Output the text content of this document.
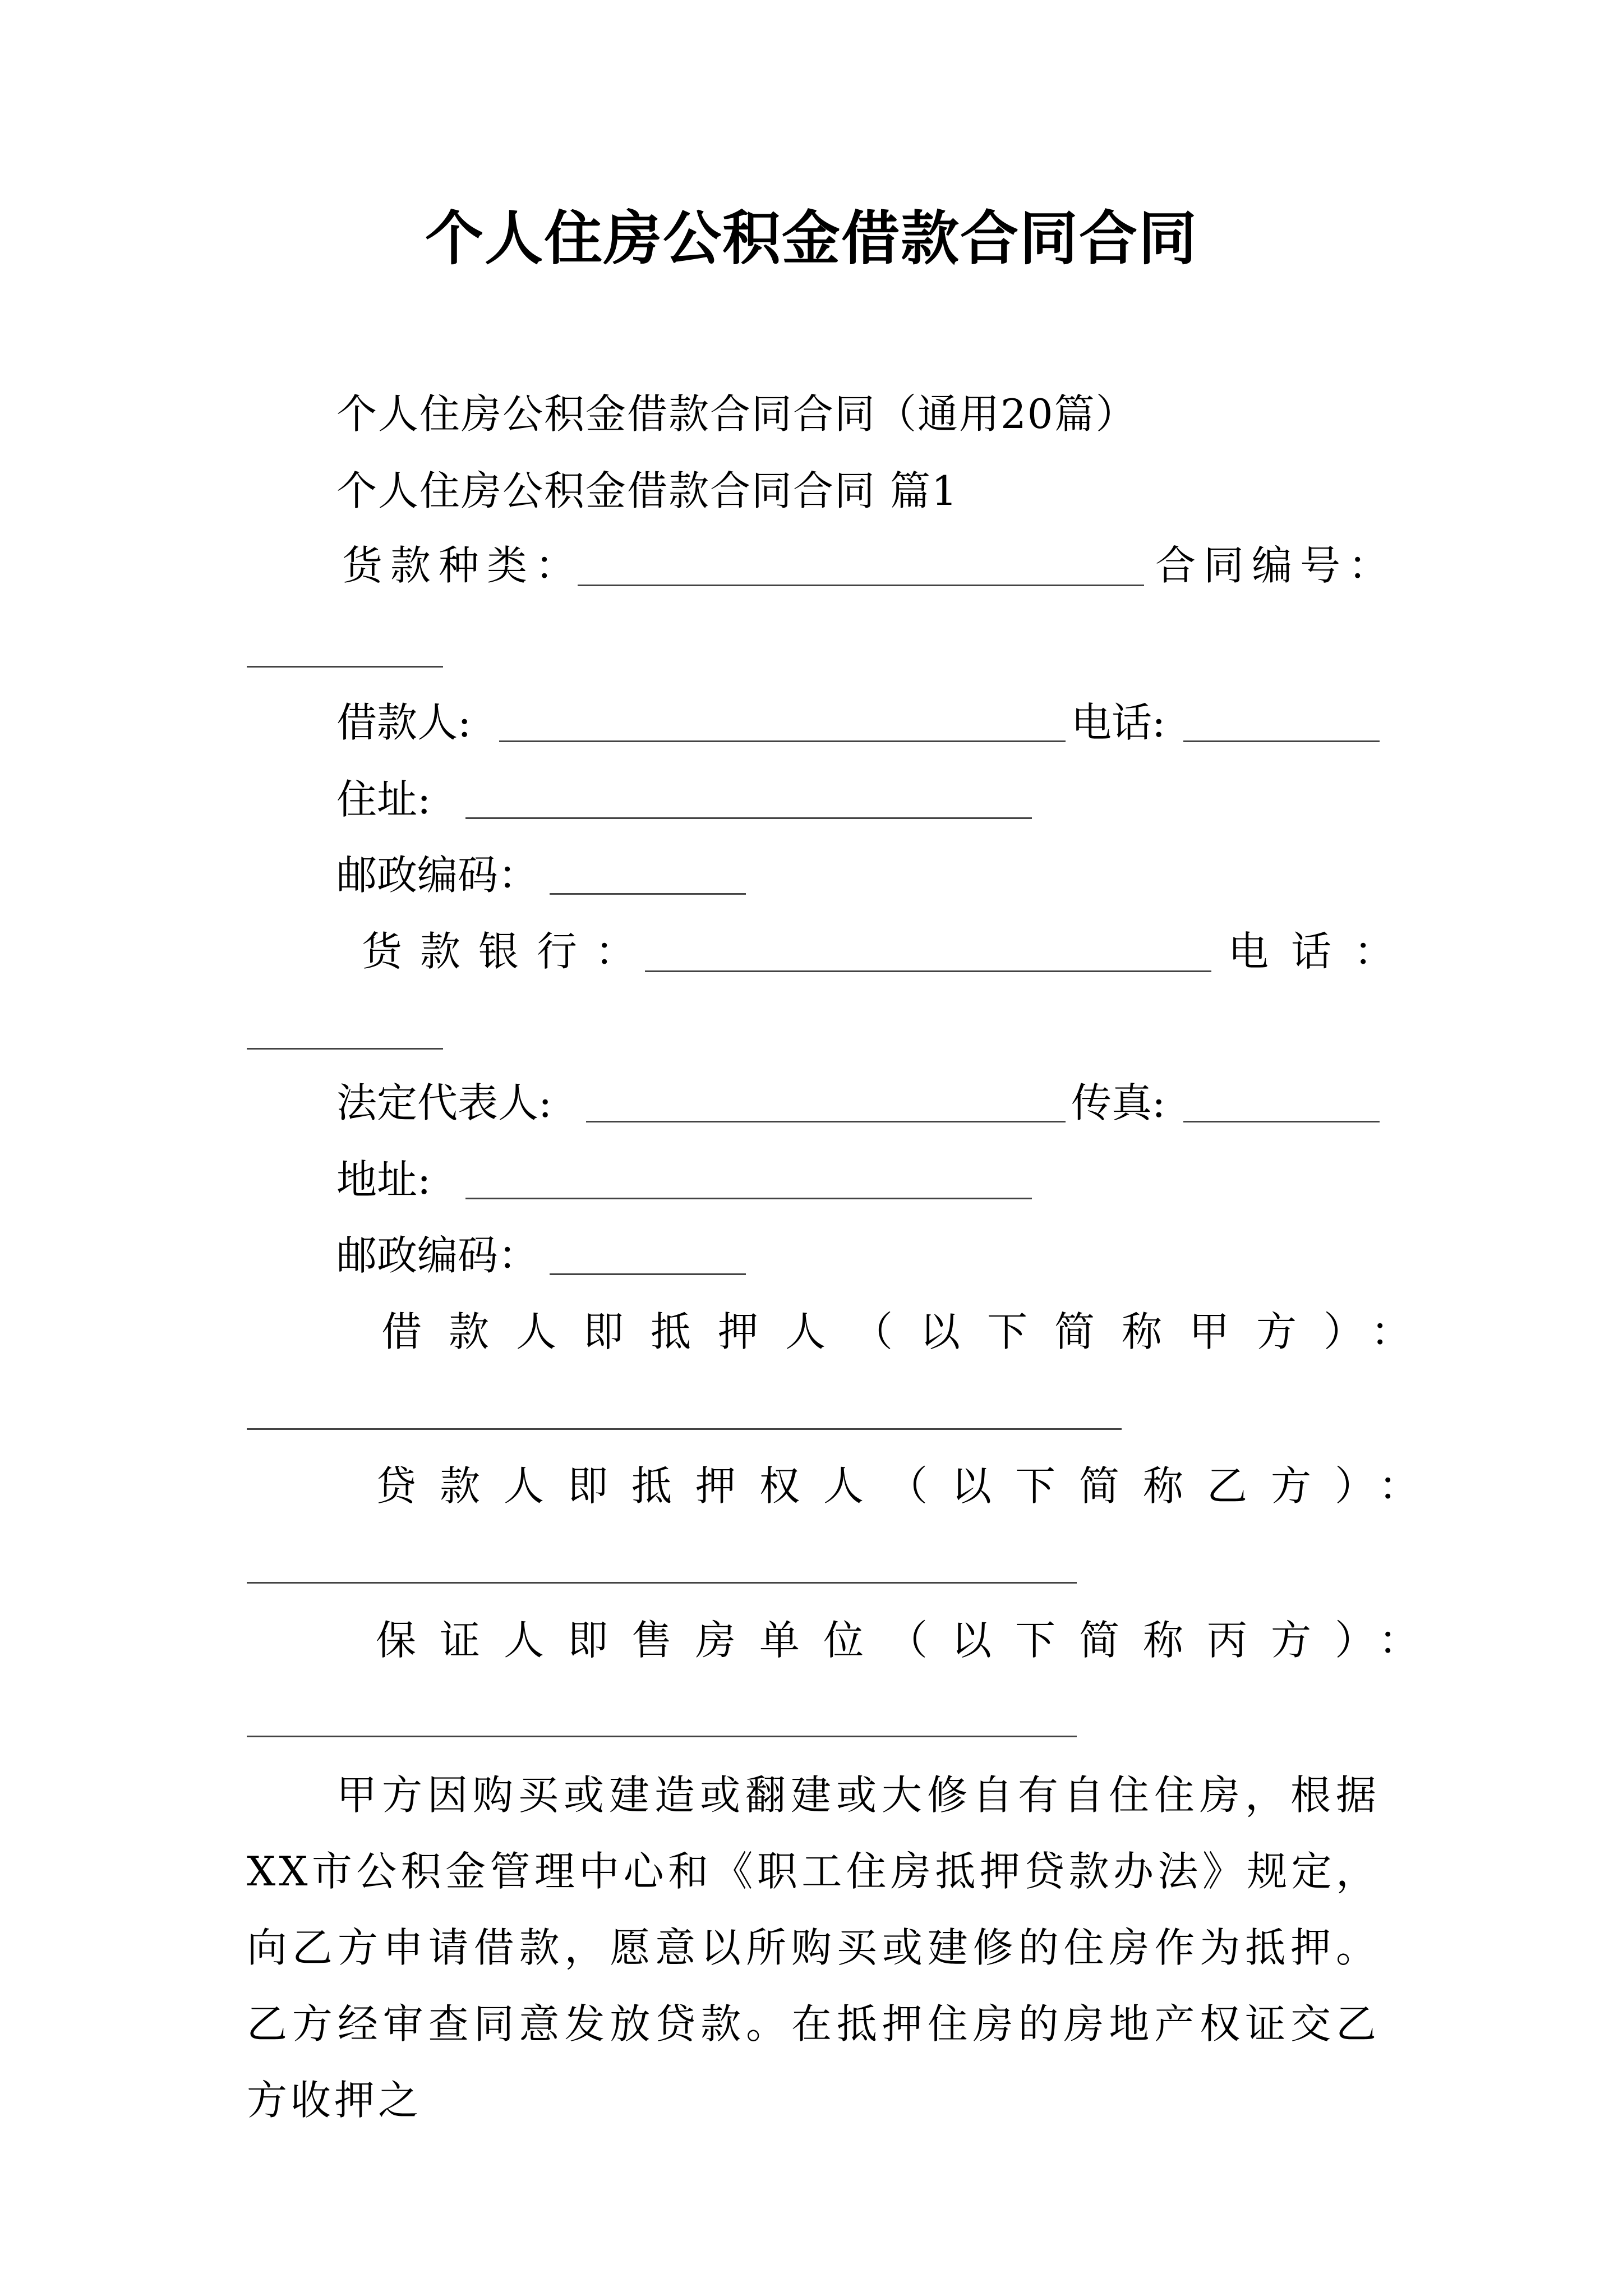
个人住房公积金借款合同合同
个人住房公积金借款合同合同（通用20篇）
个人住房公积金借款合同合同 篇1
货款种类：	合同编号：
借款人:	电话:
住址:
邮政编码：
货款银行：	电话：
法定代表人:	传真:
地址:
邮政编码：
借款人即抵押人（以下简称甲方）：
贷款人即抵押权人（以下简称乙方）：
保证人即售房单位（以下简称丙方）：
甲方因购买或建造或翻建或大修自有自住住房，根据XX市公积金管理中心和《职工住房抵押贷款办法》规定，向乙方申请借款，愿意以所购买或建修的住房作为抵押。乙方经审查同意发放贷款。在抵押住房的房地产权证交乙方收押之
